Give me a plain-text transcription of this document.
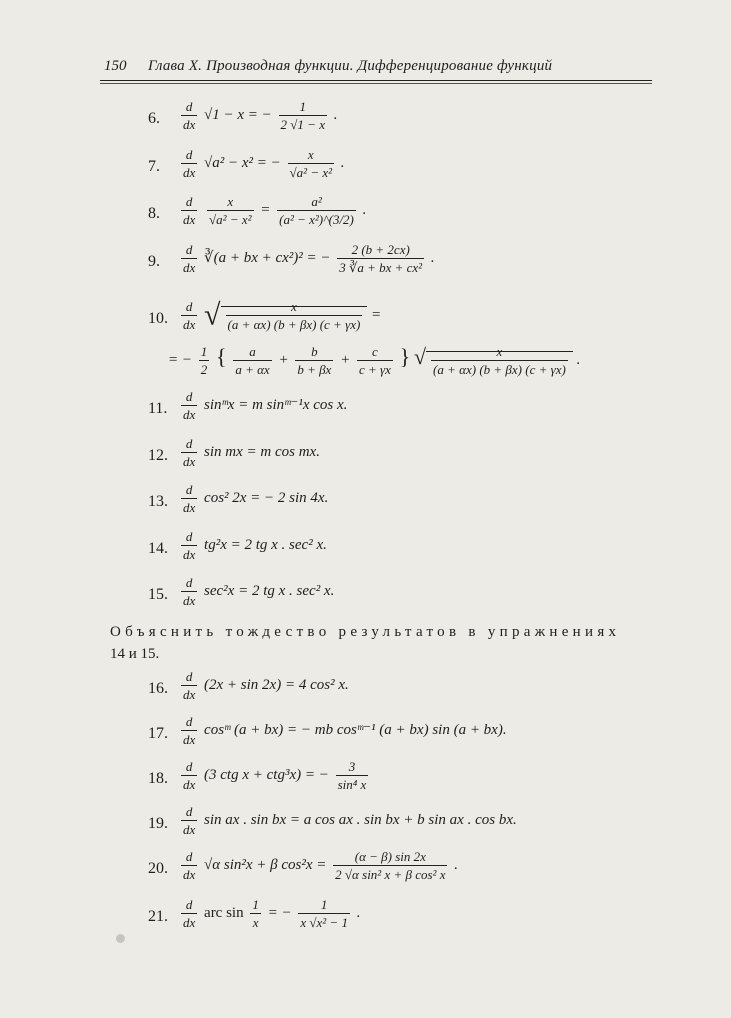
150 Глава X. Производная функции. Дифференцирование функций
6.	$\frac{d}{dx} √1 - x$ = − $\frac{1}{2 √1 - x}$ .
7.	$\frac{d}{dx} √a^2 - x^2$ = − $\frac{x}{\text{√a² − x²}}$ .
8.	$\frac{d}{dx}$
$\frac{x}{\text{√a² − x²}} = \frac{\text{a²}}{\text{(a² − x²)\textasciicircum{}(3/2)}}$ .
9.	$\frac{d}{dx}$ ∛(a + bx + cx²)² = − $\frac{2 (b + 2cx)}{\text{3 ∛a + bx + cx²}}$ .
10.	$\frac{d}{dx}$ √ $\frac{x}{(a + \alpha x) (b + \beta x) (c + \gamma x)}$ =
= − $\frac{1}{2}$ { $\frac{a}{a + \alpha x} + \frac{b}{b + \beta x} + \frac{c}{c + \gamma x}$ } √ $\frac{x}{(a + \alpha x) (b + \beta x) (c + \gamma x)}$ .
11.	$\frac{d}{dx}$ sinᵐx = m sinᵐ⁻¹x cos x.
12.	$\frac{d}{dx}$ sin mx = m cos mx.
13.	$\frac{d}{dx} \cos^2$ 2x = − 2 sin 4x.
14.	$\frac{d}{dx} tg^2x = 2$ tg x . sec² x.
15.	$\frac{d}{dx} \sec^2x = 2$ tg x . sec² x.
Объяснить тождество результатов в упражнениях
14 и 15.
16.	$\frac{d}{dx} (2x + \sin 2x) = 4$ cos² x.
17.	$\frac{d}{dx}$ cosᵐ (a + bx) = − mb cosᵐ⁻¹ (a + bx) sin (a + bx).
18.	$\frac{d}{dx} (3$ ctg x + ctg³x) = − $\frac{3}{\text{sin⁴ x}}$
19.	$\frac{d}{dx}$ sin ax . sin bx = a cos ax . sin bx + b sin ax . cos bx.
20.	$\frac{d}{dx} √\alpha$ sin²x + β $\cos^2x = \frac{(\alpha - \beta) \sin 2x}{\text{2 √α sin² x + β cos² x}}$ .
21.	$\frac{d}{dx}$ arc $\sin \frac{1}{x}$ = − $\frac{1}{\text{x √x² − 1}}$ .
